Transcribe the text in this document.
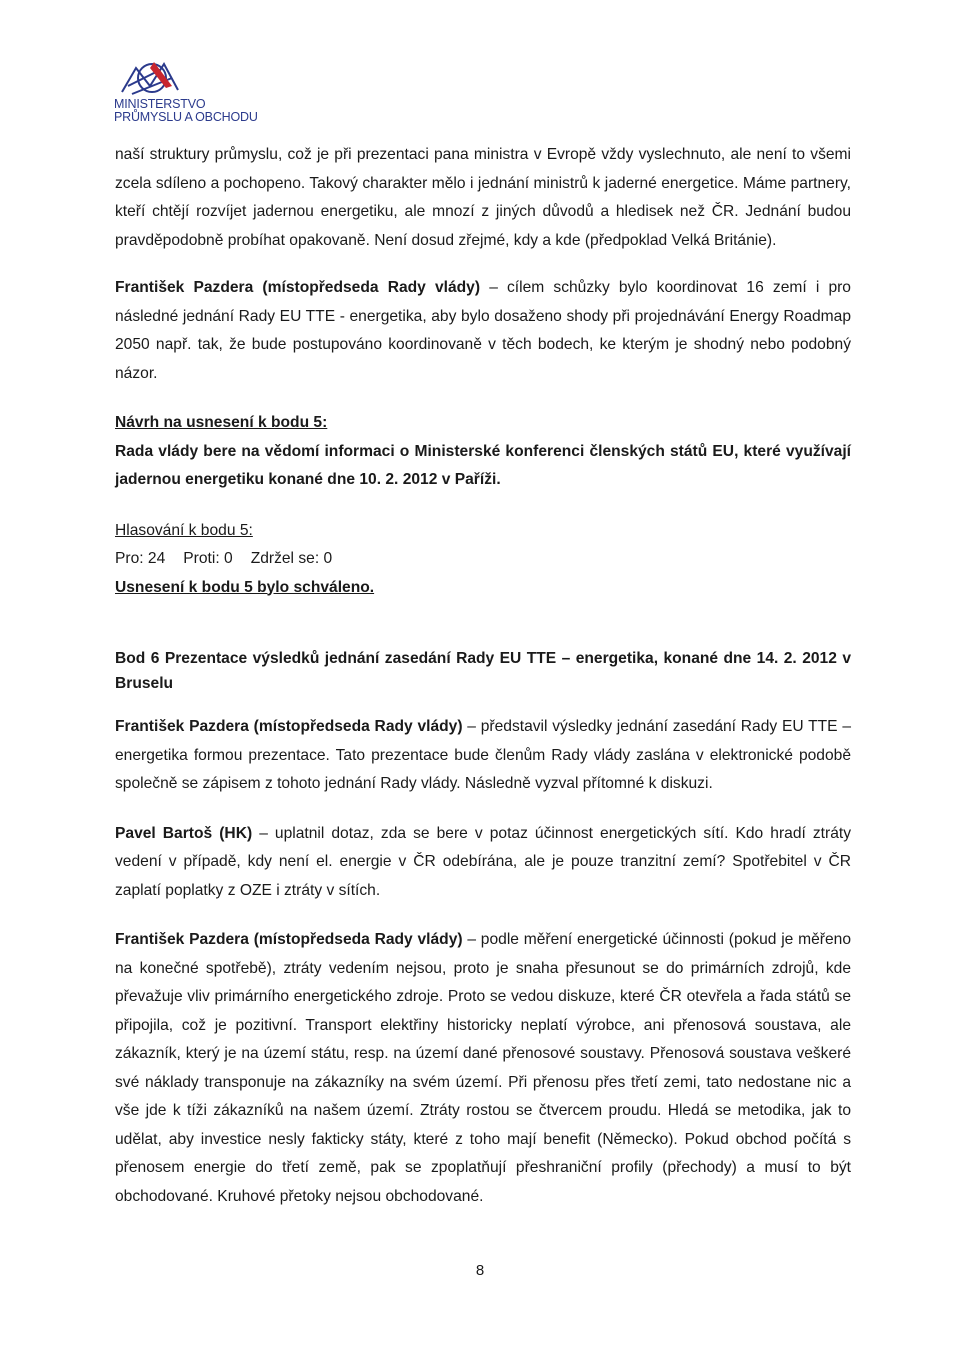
MINISTERSTVO
PRŮMYSLU A OBCHODU

naší struktury průmyslu, což je při prezentaci pana ministra v Evropě vždy vyslechnuto, ale není to všemi zcela sdíleno a pochopeno. Takový charakter mělo i jednání ministrů k jaderné energetice. Máme partnery, kteří chtějí rozvíjet jadernou energetiku, ale mnozí z jiných důvodů a hledisek než ČR. Jednání budou pravděpodobně probíhat opakovaně. Není dosud zřejmé, kdy a kde (předpoklad Velká Británie).

František Pazdera (místopředseda Rady vlády) – cílem schůzky bylo koordinovat 16 zemí i pro následné jednání Rady EU TTE - energetika, aby bylo dosaženo shody při projednávání Energy Roadmap 2050 např. tak, že bude postupováno koordinovaně v těch bodech, ke kterým je shodný nebo podobný názor.

Návrh na usnesení k bodu 5:

Rada vlády bere na vědomí informaci o Ministerské konferenci členských států EU, které využívají jadernou energetiku konané dne 10. 2. 2012 v Paříži.

Hlasování k bodu 5:

Pro: 24 Proti: 0 Zdržel se: 0

Usnesení k bodu 5 bylo schváleno.

Bod 6 Prezentace výsledků jednání zasedání Rady EU TTE – energetika, konané dne 14. 2. 2012 v Bruselu

František Pazdera (místopředseda Rady vlády) – představil výsledky jednání zasedání Rady EU TTE – energetika formou prezentace. Tato prezentace bude členům Rady vlády zaslána v elektronické podobě společně se zápisem z tohoto jednání Rady vlády. Následně vyzval přítomné k diskuzi.

Pavel Bartoš (HK) – uplatnil dotaz, zda se bere v potaz účinnost energetických sítí. Kdo hradí ztráty vedení v případě, kdy není el. energie v ČR odebírána, ale je pouze tranzitní zemí? Spotřebitel v ČR zaplatí poplatky z OZE i ztráty v sítích.

František Pazdera (místopředseda Rady vlády) – podle měření energetické účinnosti (pokud je měřeno na konečné spotřebě), ztráty vedením nejsou, proto je snaha přesunout se do primárních zdrojů, kde převažuje vliv primárního energetického zdroje. Proto se vedou diskuze, které ČR otevřela a řada států se připojila, což je pozitivní. Transport elektřiny historicky neplatí výrobce, ani přenosová soustava, ale zákazník, který je na území státu, resp. na území dané přenosové soustavy. Přenosová soustava veškeré své náklady transponuje na zákazníky na svém území. Při přenosu přes třetí zemi, tato nedostane nic a vše jde k tíži zákazníků na našem území. Ztráty rostou se čtvercem proudu. Hledá se metodika, jak to udělat, aby investice nesly fakticky státy, které z toho mají benefit (Německo). Pokud obchod počítá s přenosem energie do třetí země, pak se zpoplatňují přeshraniční profily (přechody) a musí to být obchodované. Kruhové přetoky nejsou obchodované.

8
